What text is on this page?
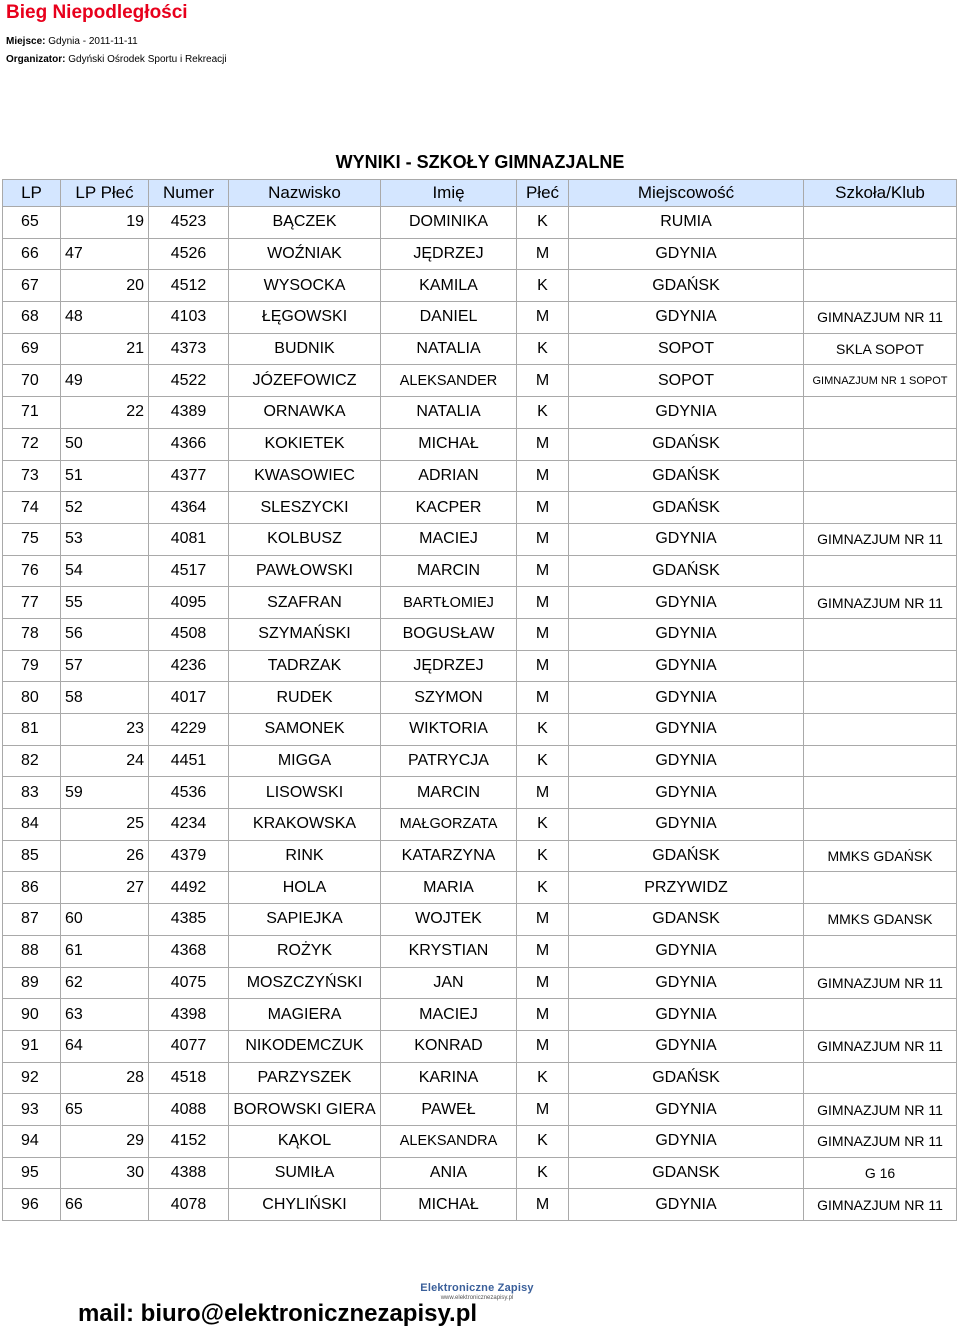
Bieg Niepodległości
Miejsce: Gdynia - 2011-11-11
Organizator: Gdyński Ośrodek Sportu i Rekreacji
WYNIKI - SZKOŁY GIMNAZJALNE
LP	LP Płeć	Numer	Nazwisko	Imię	Płeć	Miejscowość	Szkoła/Klub
65	19	4523	BĄCZEK	DOMINIKA	K	RUMIA	
66	47	4526	WOŹNIAK	JĘDRZEJ	M	GDYNIA	
67	20	4512	WYSOCKA	KAMILA	K	GDAŃSK	
68	48	4103	ŁĘGOWSKI	DANIEL	M	GDYNIA	GIMNAZJUM NR 11
69	21	4373	BUDNIK	NATALIA	K	SOPOT	SKLA SOPOT
70	49	4522	JÓZEFOWICZ	ALEKSANDER	M	SOPOT	GIMNAZJUM NR 1 SOPOT
71	22	4389	ORNAWKA	NATALIA	K	GDYNIA	
72	50	4366	KOKIETEK	MICHAŁ	M	GDAŃSK	
73	51	4377	KWASOWIEC	ADRIAN	M	GDAŃSK	
74	52	4364	SLESZYCKI	KACPER	M	GDAŃSK	
75	53	4081	KOLBUSZ	MACIEJ	M	GDYNIA	GIMNAZJUM NR 11
76	54	4517	PAWŁOWSKI	MARCIN	M	GDAŃSK	
77	55	4095	SZAFRAN	BARTŁOMIEJ	M	GDYNIA	GIMNAZJUM NR 11
78	56	4508	SZYMAŃSKI	BOGUSŁAW	M	GDYNIA	
79	57	4236	TADRZAK	JĘDRZEJ	M	GDYNIA	
80	58	4017	RUDEK	SZYMON	M	GDYNIA	
81	23	4229	SAMONEK	WIKTORIA	K	GDYNIA	
82	24	4451	MIGGA	PATRYCJA	K	GDYNIA	
83	59	4536	LISOWSKI	MARCIN	M	GDYNIA	
84	25	4234	KRAKOWSKA	MAŁGORZATA	K	GDYNIA	
85	26	4379	RINK	KATARZYNA	K	GDAŃSK	MMKS GDAŃSK
86	27	4492	HOLA	MARIA	K	PRZYWIDZ	
87	60	4385	SAPIEJKA	WOJTEK	M	GDANSK	MMKS GDANSK
88	61	4368	ROŻYK	KRYSTIAN	M	GDYNIA	
89	62	4075	MOSZCZYŃSKI	JAN	M	GDYNIA	GIMNAZJUM NR 11
90	63	4398	MAGIERA	MACIEJ	M	GDYNIA	
91	64	4077	NIKODEMCZUK	KONRAD	M	GDYNIA	GIMNAZJUM NR 11
92	28	4518	PARZYSZEK	KARINA	K	GDAŃSK	
93	65	4088	BOROWSKI GIERA	PAWEŁ	M	GDYNIA	GIMNAZJUM NR 11
94	29	4152	KĄKOL	ALEKSANDRA	K	GDYNIA	GIMNAZJUM NR 11
95	30	4388	SUMIŁA	ANIA	K	GDANSK	G 16
96	66	4078	CHYLIŃSKI	MICHAŁ	M	GDYNIA	GIMNAZJUM NR 11
Elektroniczne Zapisy
www.elektronicznezapisy.pl
mail: biuro@elektronicznezapisy.pl
